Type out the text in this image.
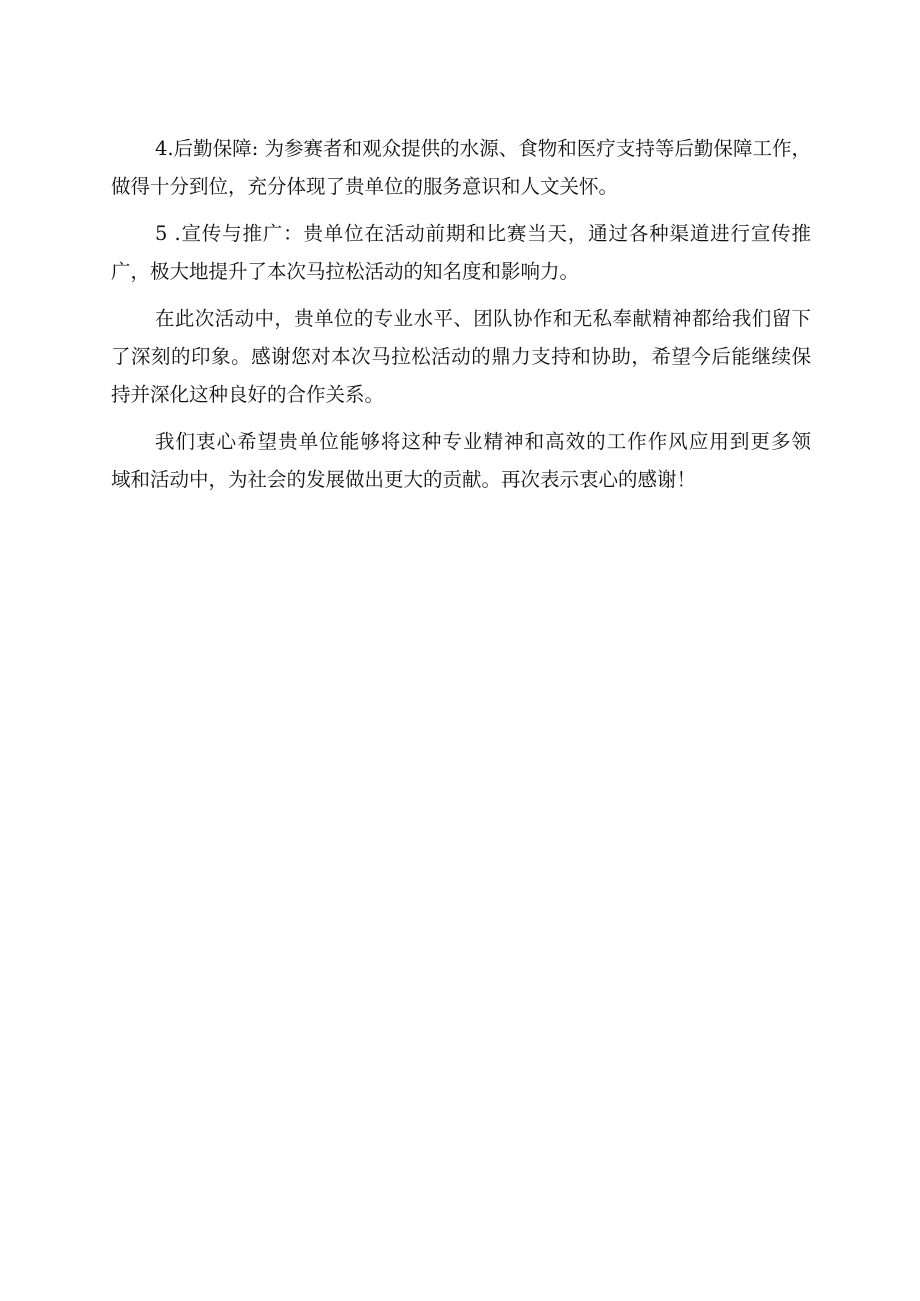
4.后勤保障: 为参赛者和观众提供的水源、食物和医疗支持等后勤保障工作，
做得十分到位，充分体现了贵单位的服务意识和人文关怀。
5 .宣传与推广：贵单位在活动前期和比赛当天，通过各种渠道进行宣传推
广，极大地提升了本次马拉松活动的知名度和影响力。
在此次活动中，贵单位的专业水平、团队协作和无私奉献精神都给我们留下
了深刻的印象。感谢您对本次马拉松活动的鼎力支持和协助，希望今后能继续保
持并深化这种良好的合作关系。
我们衷心希望贵单位能够将这种专业精神和高效的工作作风应用到更多领
域和活动中，为社会的发展做出更大的贡献。再次表示衷心的感谢！
